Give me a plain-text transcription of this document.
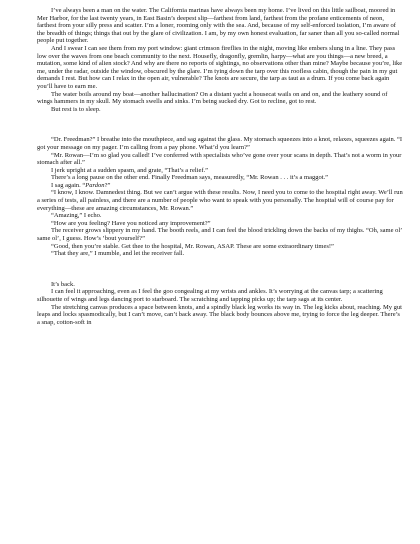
I’ve always been a man on the water. The California marinas have always been my home. I’ve lived on this little sailboat, moored in Mer Harbor, for the last twenty years, in East Basin’s deepest slip—farthest from land, farthest from the profane enticements of neon, farthest from your silly press and scatter. I’m a loner, rooming only with the sea. And, because of my self-enforced isolation, I’m aware of the breadth of things; things that out by the glare of civilization. I am, by my own honest evaluation, far saner than all you so-called normal people put together.

And I swear I can see them from my port window: giant crimson fireflies in the night, moving like embers slung in a line. They pass low over the waves from one beach community to the next. Housefly, dragonfly, gremlin, harpy—what are you things—a new breed, a mutation, some kind of alien stock? And why are there no reports of sightings, no observations other than mine? Maybe because you’re, like me, under the radar, outside the window, obscured by the glare. I’m tying down the tarp over this roofless cabin, though the pain in my gut demands I rest. But how can I relax in the open air, vulnerable? The knots are secure, the tarp as taut as a drum. If you come back again you’ll have to earn me.

The water boils around my boat—another hallucination? On a distant yacht a housecat wails on and on, and the leathery sound of wings hammers in my skull. My stomach swells and sinks. I’m being sucked dry. Got to recline, got to rest.

But rest is to sleep.

“Dr. Freedman?” I breathe into the mouthpiece, and sag against the glass. My stomach squeezes into a knot, relaxes, squeezes again. “I got your message on my pager. I’m calling from a pay phone. What’d you learn?”

“Mr. Rowan—I’m so glad you called! I’ve conferred with specialists who’ve gone over your scans in depth. That’s not a worm in your stomach after all.”

I jerk upright at a sudden spasm, and grate, “That’s a relief.”

There’s a long pause on the other end. Finally Freedman says, measuredly, “Mr. Rowan . . . it’s a maggot.”

I sag again. “Pardon?”

“I know, I know. Damnedest thing. But we can’t argue with these results. Now, I need you to come to the hospital right away. We’ll run a series of tests, all painless, and there are a number of people who want to speak with you personally. The hospital will of course pay for everything—these are amazing circumstances, Mr. Rowan.”

“Amazing,” I echo.

“How are you feeling? Have you noticed any improvement?”

The receiver grows slippery in my hand. The booth reels, and I can feel the blood trickling down the backs of my thighs. “Oh, same ol’ same ol’, I guess. How’s ’bout yourself?”

“Good, then you’re stable. Get thee to the hospital, Mr. Rowan, ASAP. These are some extraordinary times!”

“That they are,” I mumble, and let the receiver fall.

It’s back.

I can feel it approaching, even as I feel the goo congealing at my wrists and ankles. It’s worrying at the canvas tarp; a scattering silhouette of wings and legs dancing port to starboard. The scratching and tapping picks up; the tarp sags at its center.

The stretching canvas produces a space between knots, and a spindly black leg works its way in. The leg kicks about, reaching. My gut leaps and locks spasmodically, but I can’t move, can’t back away. The black body bounces above me, trying to force the leg deeper. There’s a snap, cotton-soft in
